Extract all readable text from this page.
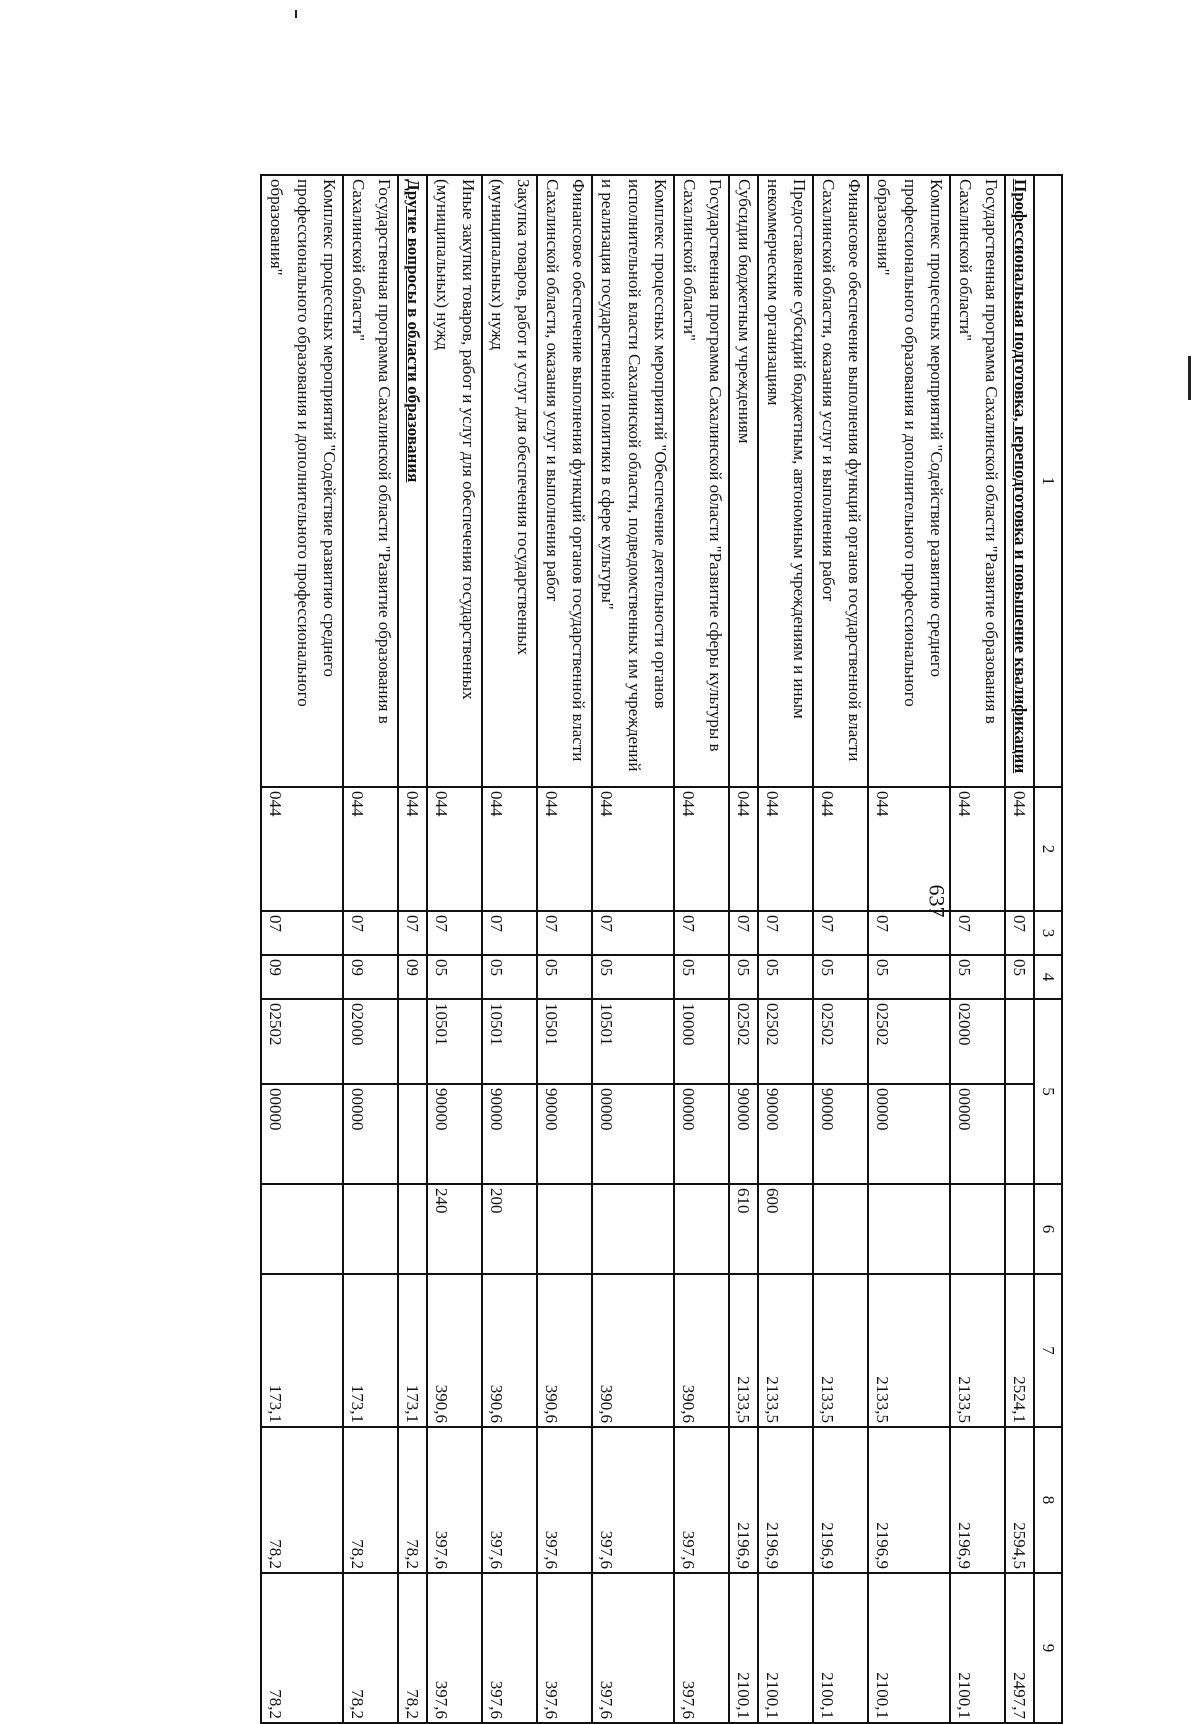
637
1	2	3	4	5		6	7	8	9
Профессиональная подготовка, переподготовка и повышение квалификации	044	07	05				2524,1	2594,5	2497,7
Государственная программа Сахалинской области "Развитие образования в Сахалинской области"	044	07	05	02000	00000		2133,5	2196,9	2100,1
Комплекс процессных мероприятий "Содействие развитию среднего профессионального образования и дополнительного профессионального образования"	044	07	05	02502	00000		2133,5	2196,9	2100,1
Финансовое обеспечение выполнения функций органов государственной власти Сахалинской области, оказания услуг и выполнения работ	044	07	05	02502	90000		2133,5	2196,9	2100,1
Предоставление субсидий бюджетным, автономным учреждениям и иным некоммерческим организациям	044	07	05	02502	90000	600	2133,5	2196,9	2100,1
Субсидии бюджетным учреждениям	044	07	05	02502	90000	610	2133,5	2196,9	2100,1
Государственная программа Сахалинской области "Развитие сферы культуры в Сахалинской области"	044	07	05	10000	00000		390,6	397,6	397,6
Комплекс процессных мероприятий "Обеспечение деятельности органов исполнительной власти Сахалинской области, подведомственных им учреждений и реализация государственной политики в сфере культуры"	044	07	05	10501	00000		390,6	397,6	397,6
Финансовое обеспечение выполнения функций органов государственной власти Сахалинской области, оказания услуг и выполнения работ	044	07	05	10501	90000		390,6	397,6	397,6
Закупка товаров, работ и услуг для обеспечения государственных (муниципальных) нужд	044	07	05	10501	90000	200	390,6	397,6	397,6
Иные закупки товаров, работ и услуг для обеспечения государственных (муниципальных) нужд	044	07	05	10501	90000	240	390,6	397,6	397,6
Другие вопросы в области образования	044	07	09				173,1	78,2	78,2
Государственная программа Сахалинской области "Развитие образования в Сахалинской области"	044	07	09	02000	00000		173,1	78,2	78,2
Комплекс процессных мероприятий "Содействие развитию среднего профессионального образования и дополнительного профессионального образования"	044	07	09	02502	00000		173,1	78,2	78,2
